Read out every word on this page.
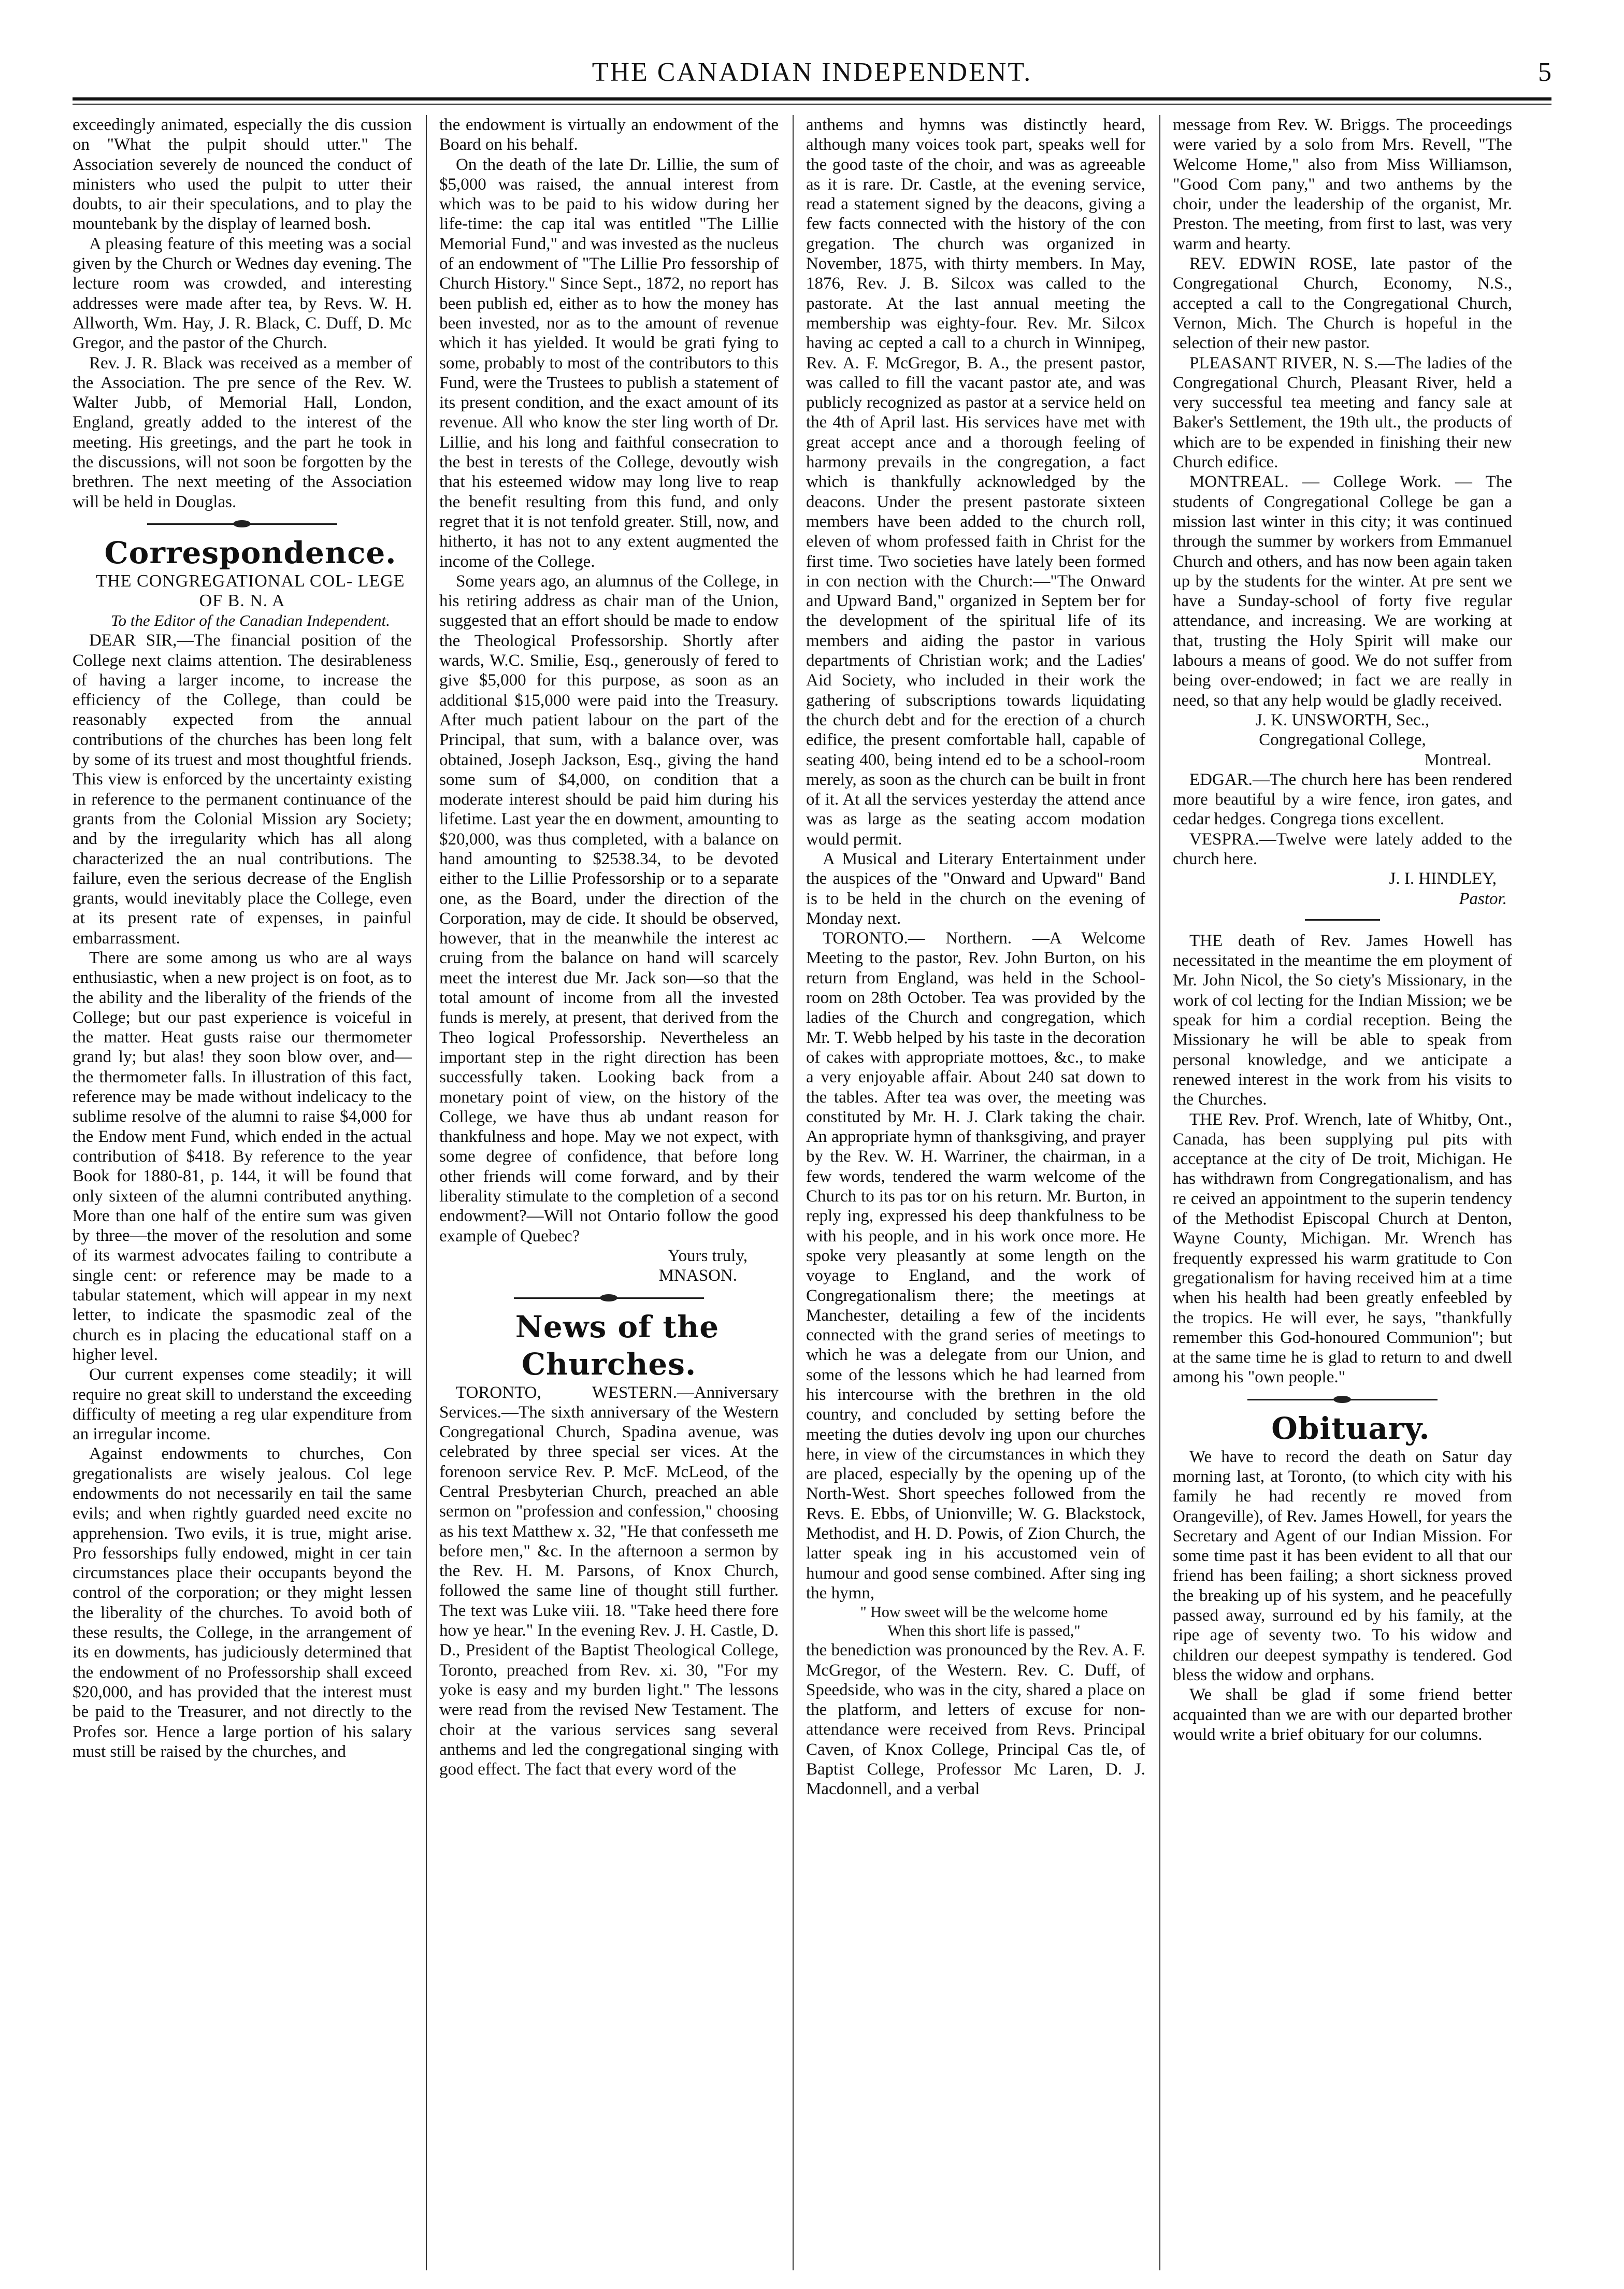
THE CANADIAN INDEPENDENT.	5

exceedingly animated, especially the dis cussion on "What the pulpit should utter." The Association severely de nounced the conduct of ministers who used the pulpit to utter their doubts, to air their speculations, and to play the mountebank by the display of learned bosh.

A pleasing feature of this meeting was a social given by the Church or Wednes day evening. The lecture room was crowded, and interesting addresses were made after tea, by Revs. W. H. Allworth, Wm. Hay, J. R. Black, C. Duff, D. Mc Gregor, and the pastor of the Church.

Rev. J. R. Black was received as a member of the Association. The pre sence of the Rev. W. Walter Jubb, of Memorial Hall, London, England, greatly added to the interest of the meeting. His greetings, and the part he took in the discussions, will not soon be forgotten by the brethren. The next meeting of the Association will be held in Douglas.

Correspondence.

THE CONGREGATIONAL COL- LEGE OF B. N. A

To the Editor of the Canadian Independent.

DEAR SIR,—The financial position of the College next claims attention. The desirableness of having a larger income, to increase the efficiency of the College, than could be reasonably expected from the annual contributions of the churches has been long felt by some of its truest and most thoughtful friends. This view is enforced by the uncertainty existing in reference to the permanent continuance of the grants from the Colonial Mission ary Society; and by the irregularity which has all along characterized the an nual contributions. The failure, even the serious decrease of the English grants, would inevitably place the College, even at its present rate of expenses, in painful embarrassment.

There are some among us who are al ways enthusiastic, when a new project is on foot, as to the ability and the liberality of the friends of the College; but our past experience is voiceful in the matter. Heat gusts raise our thermometer grand ly; but alas! they soon blow over, and— the thermometer falls. In illustration of this fact, reference may be made without indelicacy to the sublime resolve of the alumni to raise $4,000 for the Endow ment Fund, which ended in the actual contribution of $418. By reference to the year Book for 1880-81, p. 144, it will be found that only sixteen of the alumni contributed anything. More than one half of the entire sum was given by three—the mover of the resolution and some of its warmest advocates failing to contribute a single cent: or reference may be made to a tabular statement, which will appear in my next letter, to indicate the spasmodic zeal of the church es in placing the educational staff on a higher level.

Our current expenses come steadily; it will require no great skill to understand the exceeding difficulty of meeting a reg ular expenditure from an irregular income.

Against endowments to churches, Con gregationalists are wisely jealous. Col lege endowments do not necessarily en tail the same evils; and when rightly guarded need excite no apprehension. Two evils, it is true, might arise. Pro fessorships fully endowed, might in cer tain circumstances place their occupants beyond the control of the corporation; or they might lessen the liberality of the churches. To avoid both of these results, the College, in the arrangement of its en dowments, has judiciously determined that the endowment of no Professorship shall exceed $20,000, and has provided that the interest must be paid to the Treasurer, and not directly to the Profes sor. Hence a large portion of his salary must still be raised by the churches, and

the endowment is virtually an endowment of the Board on his behalf.

On the death of the late Dr. Lillie, the sum of $5,000 was raised, the annual interest from which was to be paid to his widow during her life-time: the cap ital was entitled "The Lillie Memorial Fund," and was invested as the nucleus of an endowment of "The Lillie Pro fessorship of Church History." Since Sept., 1872, no report has been publish ed, either as to how the money has been invested, nor as to the amount of revenue which it has yielded. It would be grati fying to some, probably to most of the contributors to this Fund, were the Trustees to publish a statement of its present condition, and the exact amount of its revenue. All who know the ster ling worth of Dr. Lillie, and his long and faithful consecration to the best in terests of the College, devoutly wish that his esteemed widow may long live to reap the benefit resulting from this fund, and only regret that it is not tenfold greater. Still, now, and hitherto, it has not to any extent augmented the income of the College.

Some years ago, an alumnus of the College, in his retiring address as chair man of the Union, suggested that an effort should be made to endow the Theological Professorship. Shortly after wards, W.C. Smilie, Esq., generously of fered to give $5,000 for this purpose, as soon as an additional $15,000 were paid into the Treasury. After much patient labour on the part of the Principal, that sum, with a balance over, was obtained, Joseph Jackson, Esq., giving the hand some sum of $4,000, on condition that a moderate interest should be paid him during his lifetime. Last year the en dowment, amounting to $20,000, was thus completed, with a balance on hand amounting to $2538.34, to be devoted either to the Lillie Professorship or to a separate one, as the Board, under the direction of the Corporation, may de cide. It should be observed, however, that in the meanwhile the interest ac cruing from the balance on hand will scarcely meet the interest due Mr. Jack son—so that the total amount of income from all the invested funds is merely, at present, that derived from the Theo logical Professorship. Nevertheless an important step in the right direction has been successfully taken. Looking back from a monetary point of view, on the history of the College, we have thus ab undant reason for thankfulness and hope. May we not expect, with some degree of confidence, that before long other friends will come forward, and by their liberality stimulate to the completion of a second endowment?—Will not Ontario follow the good example of Quebec?

Yours truly,

MNASON.

News of the Churches.

TORONTO, WESTERN.—Anniversary Services.—The sixth anniversary of the Western Congregational Church, Spadina avenue, was celebrated by three special ser vices. At the forenoon service Rev. P. McF. McLeod, of the Central Presbyterian Church, preached an able sermon on "profession and confession," choosing as his text Matthew x. 32, "He that confesseth me before men," &c. In the afternoon a sermon by the Rev. H. M. Parsons, of Knox Church, followed the same line of thought still further. The text was Luke viii. 18. "Take heed there fore how ye hear." In the evening Rev. J. H. Castle, D. D., President of the Baptist Theological College, Toronto, preached from Rev. xi. 30, "For my yoke is easy and my burden light." The lessons were read from the revised New Testament. The choir at the various services sang several anthems and led the congregational singing with good effect. The fact that every word of the

anthems and hymns was distinctly heard, although many voices took part, speaks well for the good taste of the choir, and was as agreeable as it is rare. Dr. Castle, at the evening service, read a statement signed by the deacons, giving a few facts connected with the history of the con gregation. The church was organized in November, 1875, with thirty members. In May, 1876, Rev. J. B. Silcox was called to the pastorate. At the last annual meeting the membership was eighty-four. Rev. Mr. Silcox having ac cepted a call to a church in Winnipeg, Rev. A. F. McGregor, B. A., the present pastor, was called to fill the vacant pastor ate, and was publicly recognized as pastor at a service held on the 4th of April last. His services have met with great accept ance and a thorough feeling of harmony prevails in the congregation, a fact which is thankfully acknowledged by the deacons. Under the present pastorate sixteen members have been added to the church roll, eleven of whom professed faith in Christ for the first time. Two societies have lately been formed in con nection with the Church:—"The Onward and Upward Band," organized in Septem ber for the development of the spiritual life of its members and aiding the pastor in various departments of Christian work; and the Ladies' Aid Society, who included in their work the gathering of subscriptions towards liquidating the church debt and for the erection of a church edifice, the present comfortable hall, capable of seating 400, being intend ed to be a school-room merely, as soon as the church can be built in front of it. At all the services yesterday the attend ance was as large as the seating accom modation would permit.

A Musical and Literary Entertainment under the auspices of the "Onward and Upward" Band is to be held in the church on the evening of Monday next.

TORONTO.— Northern. —A Welcome Meeting to the pastor, Rev. John Burton, on his return from England, was held in the School-room on 28th October. Tea was provided by the ladies of the Church and congregation, which Mr. T. Webb helped by his taste in the decoration of cakes with appropriate mottoes, &c., to make a very enjoyable affair. About 240 sat down to the tables. After tea was over, the meeting was constituted by Mr. H. J. Clark taking the chair. An appropriate hymn of thanksgiving, and prayer by the Rev. W. H. Warriner, the chairman, in a few words, tendered the warm welcome of the Church to its pas tor on his return. Mr. Burton, in reply ing, expressed his deep thankfulness to be with his people, and in his work once more. He spoke very pleasantly at some length on the voyage to England, and the work of Congregationalism there; the meetings at Manchester, detailing a few of the incidents connected with the grand series of meetings to which he was a delegate from our Union, and some of the lessons which he had learned from his intercourse with the brethren in the old country, and concluded by setting before the meeting the duties devolv ing upon our churches here, in view of the circumstances in which they are placed, especially by the opening up of the North-West. Short speeches followed from the Revs. E. Ebbs, of Unionville; W. G. Blackstock, Methodist, and H. D. Powis, of Zion Church, the latter speak ing in his accustomed vein of humour and good sense combined. After sing ing the hymn,

" How sweet will be the welcome home

When this short life is passed,"

the benediction was pronounced by the Rev. A. F. McGregor, of the Western. Rev. C. Duff, of Speedside, who was in the city, shared a place on the platform, and letters of excuse for non-attendance were received from Revs. Principal Caven, of Knox College, Principal Cas tle, of Baptist College, Professor Mc Laren, D. J. Macdonnell, and a verbal

message from Rev. W. Briggs. The proceedings were varied by a solo from Mrs. Revell, "The Welcome Home," also from Miss Williamson, "Good Com pany," and two anthems by the choir, under the leadership of the organist, Mr. Preston. The meeting, from first to last, was very warm and hearty.

REV. EDWIN ROSE, late pastor of the Congregational Church, Economy, N.S., accepted a call to the Congregational Church, Vernon, Mich. The Church is hopeful in the selection of their new pastor.

PLEASANT RIVER, N. S.—The ladies of the Congregational Church, Pleasant River, held a very successful tea meeting and fancy sale at Baker's Settlement, the 19th ult., the products of which are to be expended in finishing their new Church edifice.

MONTREAL. — College Work. — The students of Congregational College be gan a mission last winter in this city; it was continued through the summer by workers from Emmanuel Church and others, and has now been again taken up by the students for the winter. At pre sent we have a Sunday-school of forty five regular attendance, and increasing. We are working at that, trusting the Holy Spirit will make our labours a means of good. We do not suffer from being over-endowed; in fact we are really in need, so that any help would be gladly received.

J. K. UNSWORTH, Sec.,

Congregational College,

Montreal.

EDGAR.—The church here has been rendered more beautiful by a wire fence, iron gates, and cedar hedges. Congrega tions excellent.

VESPRA.—Twelve were lately added to the church here.

J. I. HINDLEY,

Pastor.

THE death of Rev. James Howell has necessitated in the meantime the em ployment of Mr. John Nicol, the So ciety's Missionary, in the work of col lecting for the Indian Mission; we be speak for him a cordial reception. Being the Missionary he will be able to speak from personal knowledge, and we anticipate a renewed interest in the work from his visits to the Churches.

THE Rev. Prof. Wrench, late of Whitby, Ont., Canada, has been supplying pul pits with acceptance at the city of De troit, Michigan. He has withdrawn from Congregationalism, and has re ceived an appointment to the superin tendency of the Methodist Episcopal Church at Denton, Wayne County, Michigan. Mr. Wrench has frequently expressed his warm gratitude to Con gregationalism for having received him at a time when his health had been greatly enfeebled by the tropics. He will ever, he says, "thankfully remember this God-honoured Communion"; but at the same time he is glad to return to and dwell among his "own people."

Obituary.

We have to record the death on Satur day morning last, at Toronto, (to which city with his family he had recently re moved from Orangeville), of Rev. James Howell, for years the Secretary and Agent of our Indian Mission. For some time past it has been evident to all that our friend has been failing; a short sickness proved the breaking up of his system, and he peacefully passed away, surround ed by his family, at the ripe age of seventy two. To his widow and children our deepest sympathy is tendered. God bless the widow and orphans.

We shall be glad if some friend better acquainted than we are with our departed brother would write a brief obituary for our columns.
